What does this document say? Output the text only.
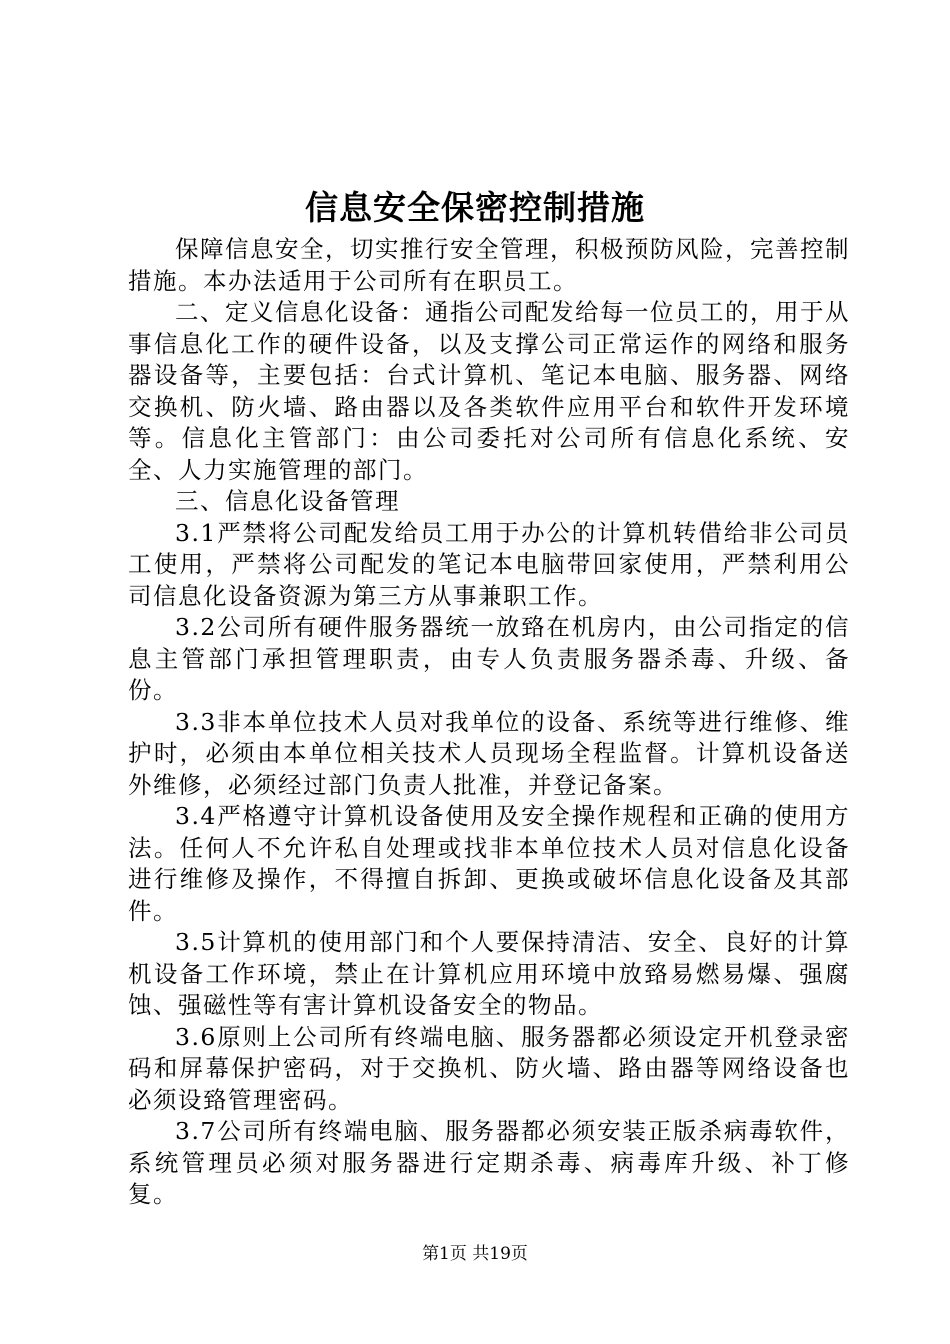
信息安全保密控制措施

保障信息安全，切实推行安全管理，积极预防风险，完善控制措施。本办法适用于公司所有在职员工。

二、定义信息化设备：通指公司配发给每一位员工的，用于从事信息化工作的硬件设备，以及支撑公司正常运作的网络和服务器设备等，主要包括：台式计算机、笔记本电脑、服务器、网络交换机、防火墙、路由器以及各类软件应用平台和软件开发环境等。信息化主管部门：由公司委托对公司所有信息化系统、安全、人力实施管理的部门。

三、信息化设备管理

3.1严禁将公司配发给员工用于办公的计算机转借给非公司员工使用，严禁将公司配发的笔记本电脑带回家使用，严禁利用公司信息化设备资源为第三方从事兼职工作。

3.2公司所有硬件服务器统一放臵在机房内，由公司指定的信息主管部门承担管理职责，由专人负责服务器杀毒、升级、备份。

3.3非本单位技术人员对我单位的设备、系统等进行维修、维护时，必须由本单位相关技术人员现场全程监督。计算机设备送外维修，必须经过部门负责人批准，并登记备案。

3.4严格遵守计算机设备使用及安全操作规程和正确的使用方法。任何人不允许私自处理或找非本单位技术人员对信息化设备进行维修及操作，不得擅自拆卸、更换或破坏信息化设备及其部件。

3.5计算机的使用部门和个人要保持清洁、安全、良好的计算机设备工作环境，禁止在计算机应用环境中放臵易燃易爆、强腐蚀、强磁性等有害计算机设备安全的物品。

3.6原则上公司所有终端电脑、服务器都必须设定开机登录密码和屏幕保护密码，对于交换机、防火墙、路由器等网络设备也必须设臵管理密码。

3.7公司所有终端电脑、服务器都必须安装正版杀病毒软件，系统管理员必须对服务器进行定期杀毒、病毒库升级、补丁修复。

第1页 共19页
